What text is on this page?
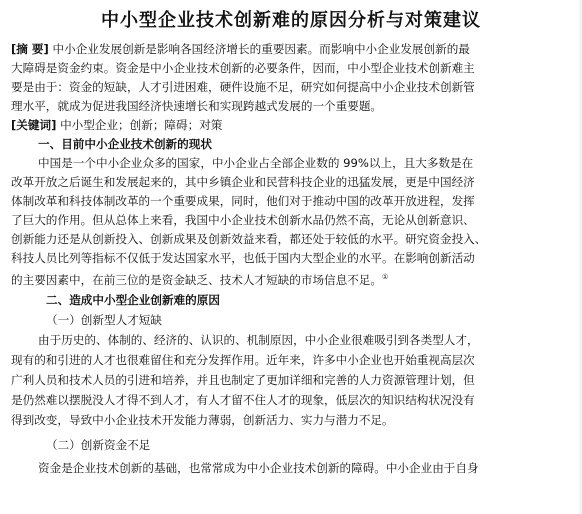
中小型企业技术创新难的原因分析与对策建议
[摘 要] 中小企业发展创新是影响各国经济增长的重要因素。而影响中小企业发展创新的最
大障碍是资金约束。资金是中小企业技术创新的必要条件，因而，中小型企业技术创新难主
要是由于：资金的短缺，人才引进困难，硬件设施不足，研究如何提高中小企业技术创新管
理水平，就成为促进我国经济快速增长和实现跨越式发展的一个重要题。
[关键词] 中小型企业；创新；障碍；对策
一、目前中小企业技术创新的现状
中国是一个中小企业众多的国家，中小企业占全部企业数的 99%以上，且大多数是在
改革开放之后诞生和发展起来的，其中乡镇企业和民营科技企业的迅猛发展，更是中国经济
体制改革和科技体制改革的一个重要成果，同时，他们对于推动中国的改革开放进程，发挥
了巨大的作用。但从总体上来看，我国中小企业技术创新水品仍然不高，无论从创新意识、
创新能力还是从创新投入、创新成果及创新效益来看，都还处于较低的水平。研究资金投入、
科技人员比列等指标不仅低于发达国家水平，也低于国内大型企业的水平。在影响创新活动
的主要因素中，在前三位的是资金缺乏、技术人才短缺的市场信息不足。①
二、造成中小型企业创新难的原因
（一）创新型人才短缺
由于历史的、体制的、经济的、认识的、机制原因，中小企业很难吸引到各类型人才，
现有的和引进的人才也很难留住和充分发挥作用。近年来，许多中小企业也开始重视高层次
广利人员和技术人员的引进和培养，并且也制定了更加详细和完善的人力资源管理计划，但
是仍然难以摆脱没人才得不到人才，有人才留不住人才的现象，低层次的知识结构状况没有
得到改变，导致中小企业技术开发能力薄弱，创新活力、实力与潜力不足。
（二）创新资金不足
资金是企业技术创新的基础，也常常成为中小企业技术创新的障碍。中小企业由于自身
